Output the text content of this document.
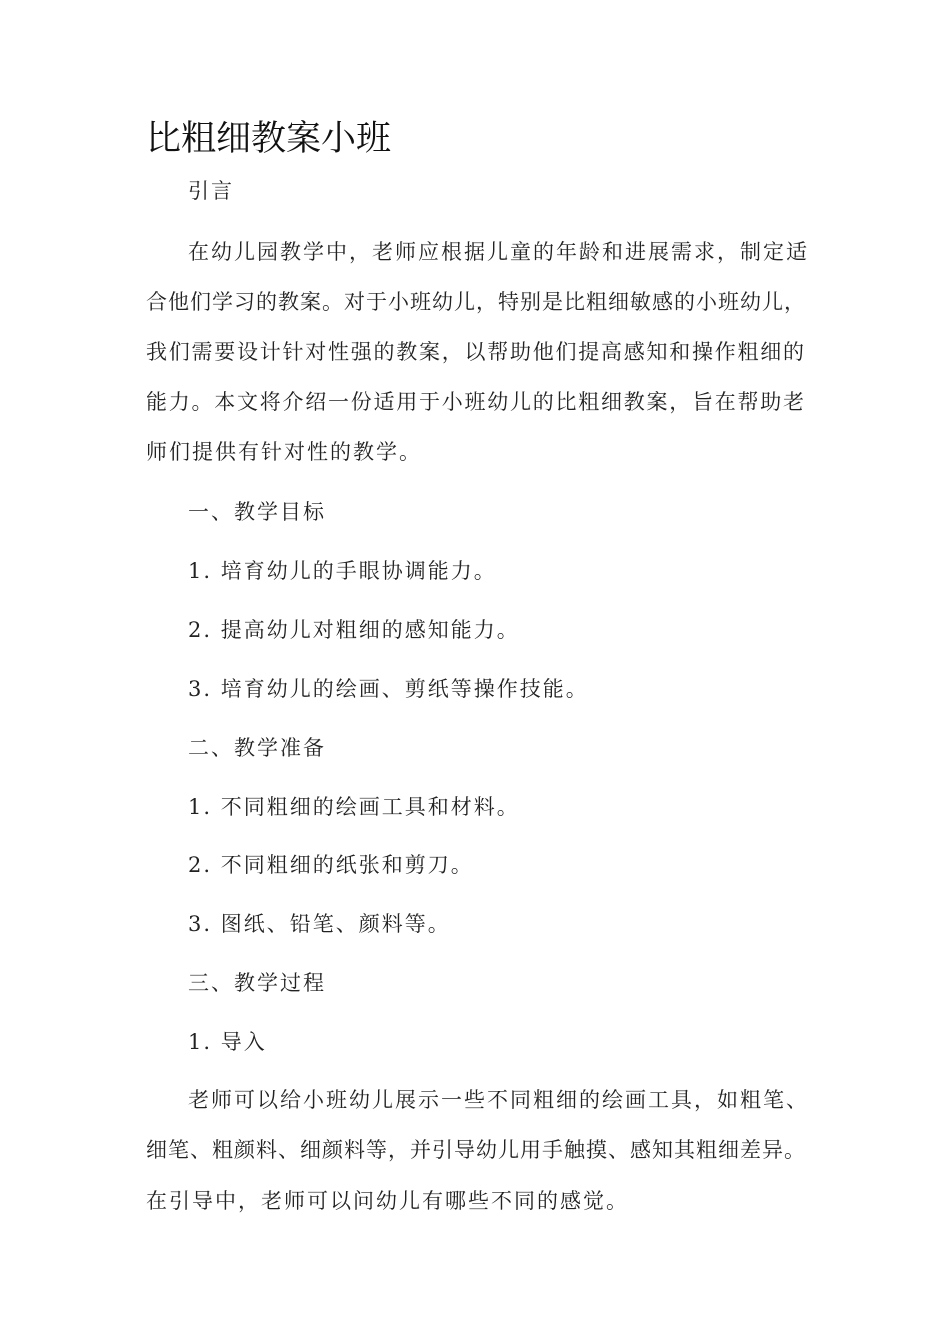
比粗细教案小班

引言

在幼儿园教学中，老师应根据儿童的年龄和进展需求，制定适

合他们学习的教案。对于小班幼儿，特别是比粗细敏感的小班幼儿，

我们需要设计针对性强的教案，以帮助他们提高感知和操作粗细的

能力。本文将介绍一份适用于小班幼儿的比粗细教案，旨在帮助老

师们提供有针对性的教学。

一、教学目标

1. 培育幼儿的手眼协调能力。

2. 提高幼儿对粗细的感知能力。

3. 培育幼儿的绘画、剪纸等操作技能。

二、教学准备

1. 不同粗细的绘画工具和材料。

2. 不同粗细的纸张和剪刀。

3. 图纸、铅笔、颜料等。

三、教学过程

1. 导入

老师可以给小班幼儿展示一些不同粗细的绘画工具，如粗笔、

细笔、粗颜料、细颜料等，并引导幼儿用手触摸、感知其粗细差异。

在引导中，老师可以问幼儿有哪些不同的感觉。
